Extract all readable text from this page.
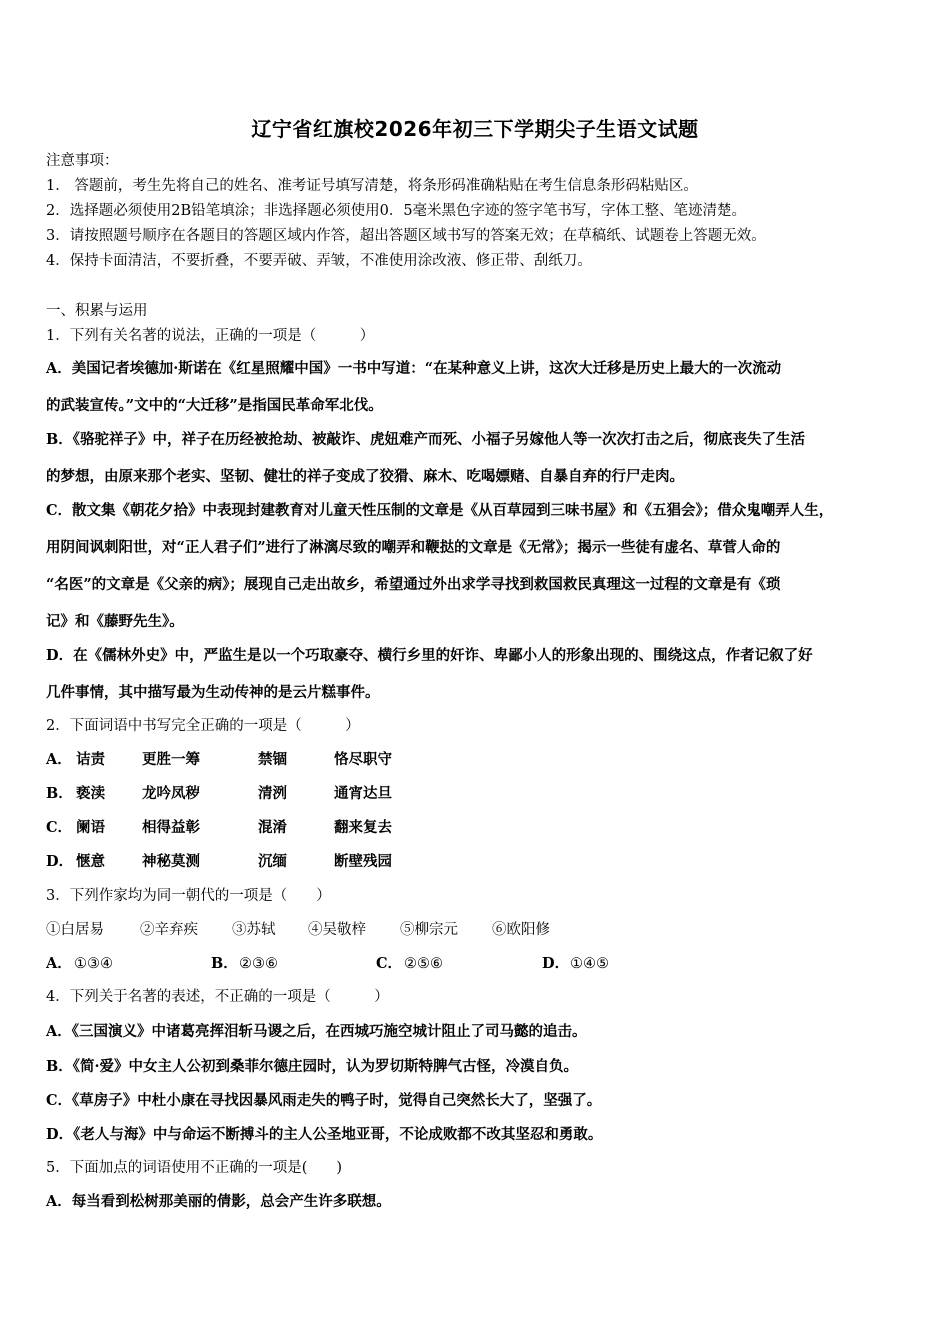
辽宁省红旗校2026年初三下学期尖子生语文试题
注意事项：
1． 答题前，考生先将自己的姓名、准考证号填写清楚，将条形码准确粘贴在考生信息条形码粘贴区。
2．选择题必须使用2B铅笔填涂；非选择题必须使用0．5毫米黑色字迹的签字笔书写，字体工整、笔迹清楚。
3．请按照题号顺序在各题目的答题区域内作答，超出答题区域书写的答案无效；在草稿纸、试题卷上答题无效。
4．保持卡面清洁，不要折叠，不要弄破、弄皱，不准使用涂改液、修正带、刮纸刀。
一、积累与运用
1．下列有关名著的说法，正确的一项是（　　　）
A．美国记者埃德加·斯诺在《红星照耀中国》一书中写道：“在某种意义上讲，这次大迁移是历史上最大的一次流动
的武装宣传。”文中的“大迁移”是指国民革命军北伐。
B．《骆驼祥子》中，祥子在历经被抢劫、被敲诈、虎妞难产而死、小福子另嫁他人等一次次打击之后，彻底丧失了生活
的梦想，由原来那个老实、坚韧、健壮的祥子变成了狡猾、麻木、吃喝嫖赌、自暴自弃的行尸走肉。
C．散文集《朝花夕拾》中表现封建教育对儿童天性压制的文章是《从百草园到三味书屋》和《五猖会》；借众鬼嘲弄人生，
用阴间讽刺阳世，对“正人君子们”进行了淋漓尽致的嘲弄和鞭挞的文章是《无常》；揭示一些徒有虚名、草菅人命的
“名医”的文章是《父亲的病》；展现自己走出故乡，希望通过外出求学寻找到救国救民真理这一过程的文章是有《琐
记》和《藤野先生》。
D．在《儒林外史》中，严监生是以一个巧取豪夺、横行乡里的奸诈、卑鄙小人的形象出现的、围绕这点，作者记叙了好
几件事情，其中描写最为生动传神的是云片糕事件。
2．下面词语中书写完全正确的一项是（　　　）
A． 诘责	更胜一筹	禁锢	恪尽职守
B． 亵渎	龙吟凤秽	清洌	通宵达旦
C． 阑语	相得益彰	混淆	翻来复去
D． 惬意	神秘莫测	沉缅	断壁残园
3．下列作家均为同一朝代的一项是（　　）
①白居易 ②辛弃疾 ③苏轼 ④吴敬梓 ⑤柳宗元 ⑥欧阳修
A． ①③④	B． ②③⑥	C． ②⑤⑥	D． ①④⑤
4．下列关于名著的表述，不正确的一项是（　　　）
A．《三国演义》中诸葛亮挥泪斩马谡之后，在西城巧施空城计阻止了司马懿的追击。
B．《简·爱》中女主人公初到桑菲尔德庄园时，认为罗切斯特脾气古怪，冷漠自负。
C．《草房子》中杜小康在寻找因暴风雨走失的鸭子时，觉得自己突然长大了，坚强了。
D．《老人与海》中与命运不断搏斗的主人公圣地亚哥，不论成败都不改其坚忍和勇敢。
5．下面加点的词语使用不正确的一项是(　　)
A．每当看到松树那美丽的倩影，总会产生许多联想。
